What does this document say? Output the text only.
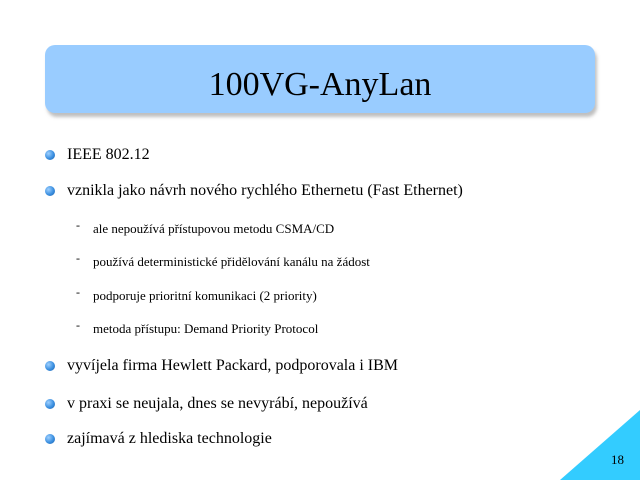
100VG-AnyLan
IEEE 802.12
vznikla jako návrh nového rychlého Ethernetu (Fast Ethernet)
- ale nepoužívá přístupovou metodu CSMA/CD
- používá deterministické přidělování kanálu na žádost
- podporuje prioritní komunikaci (2 priority)
- metoda přístupu: Demand Priority Protocol
vyvíjela firma Hewlett Packard, podporovala i IBM
v praxi se neujala, dnes se nevyrábí, nepoužívá
zajímavá z hlediska technologie
18
